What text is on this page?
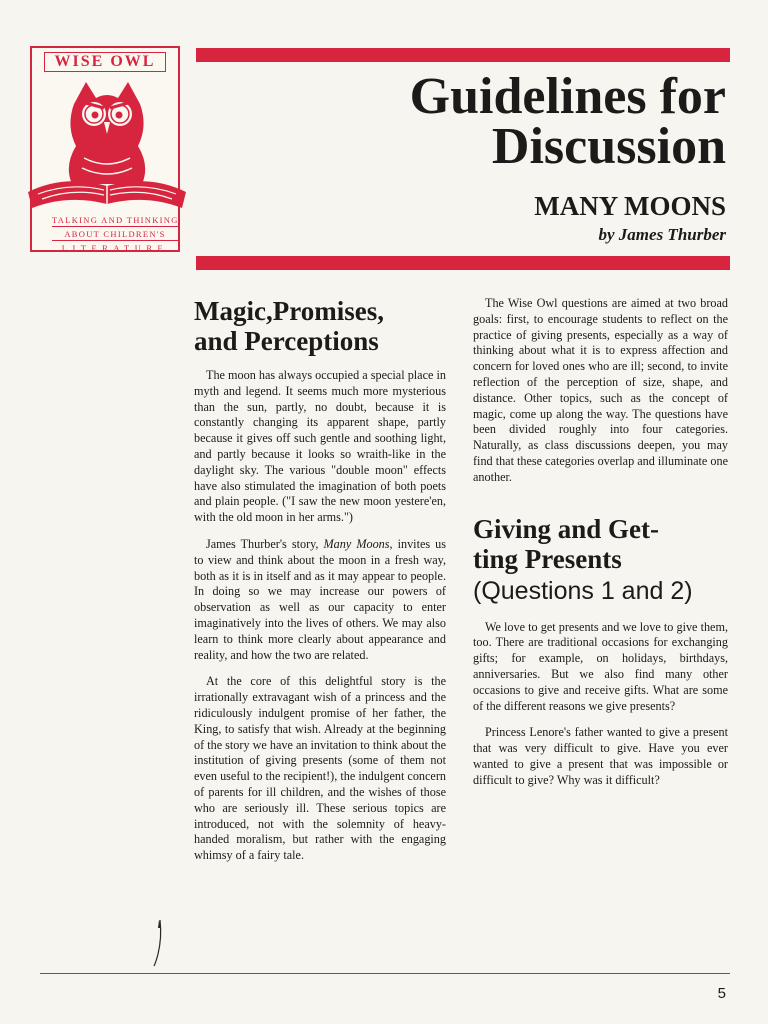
WISE OWL
TALKING AND THINKING
ABOUT CHILDREN'S
LITERATURE
Guidelines for
Discussion
MANY MOONS
by James Thurber
Magic,Promises,
and Perceptions

The moon has always occupied a special place in myth and legend. It seems much more mysterious than the sun, partly, no doubt, because it is constantly changing its apparent shape, partly because it gives off such gentle and soothing light, and partly because it looks so wraith-like in the daylight sky. The various "double moon" effects have also stimulated the imagination of both poets and plain people. ("I saw the new moon yestere'en, with the old moon in her arms.")

James Thurber's story, Many Moons, invites us to view and think about the moon in a fresh way, both as it is in itself and as it may appear to people. In doing so we may increase our powers of observation as well as our capacity to enter imaginatively into the lives of others. We may also learn to think more clearly about appearance and reality, and how the two are related.

At the core of this delightful story is the irrationally extravagant wish of a princess and the ridiculously indulgent promise of her father, the King, to satisfy that wish. Already at the beginning of the story we have an invitation to think about the institution of giving presents (some of them not even useful to the recipient!), the indulgent concern of parents for ill children, and the wishes of those who are seriously ill. These serious topics are introduced, not with the solemnity of heavy-handed moralism, but rather with the engaging whimsy of a fairy tale.

The Wise Owl questions are aimed at two broad goals: first, to encourage students to reflect on the practice of giving presents, especially as a way of thinking about what it is to express affection and concern for loved ones who are ill; second, to invite reflection of the perception of size, shape, and distance. Other topics, such as the concept of magic, come up along the way. The questions have been divided roughly into four categories. Naturally, as class discussions deepen, you may find that these categories overlap and illuminate one another.

Giving and Get-
ting Presents
(Questions 1 and 2)

We love to get presents and we love to give them, too. There are traditional occasions for exchanging gifts; for example, on holidays, birthdays, anniversaries. But we also find many other occasions to give and receive gifts. What are some of the different reasons we give presents?

Princess Lenore's father wanted to give a present that was very difficult to give. Have you ever wanted to give a present that was impossible or difficult to give? Why was it difficult?

5
